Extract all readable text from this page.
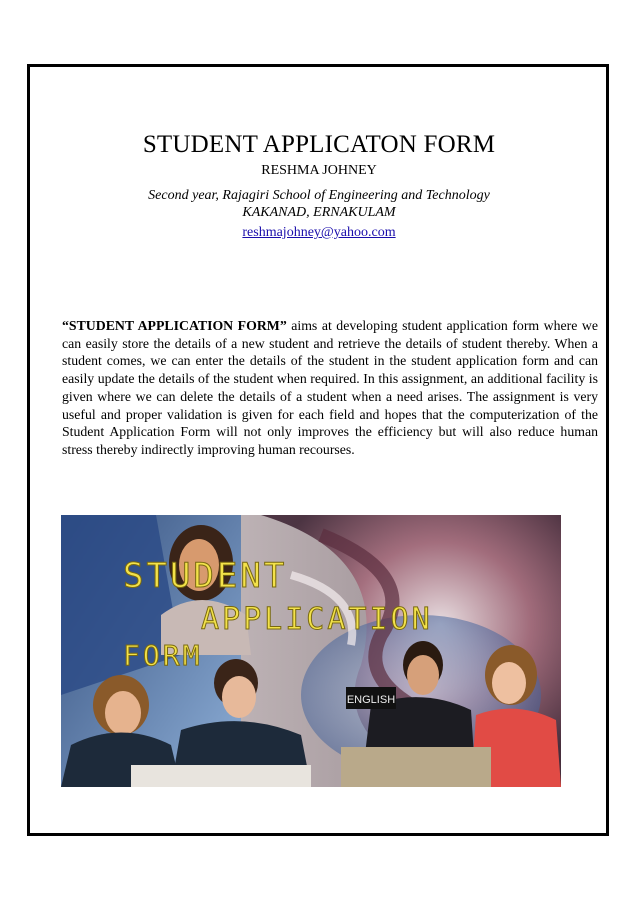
STUDENT APPLICATON FORM
RESHMA JOHNEY
Second year, Rajagiri School of Engineering and Technology
KAKANAD, ERNAKULAM
reshmajohney@yahoo.com
“STUDENT APPLICATION FORM” aims at developing student application form where we can easily store the details of a new student and retrieve the details of student thereby. When a student comes, we can enter the details of the student in the student application form and can easily update the details of the student when required. In this assignment, an additional facility is given where we can delete the details of a student when a need arises. The assignment is very useful and proper validation is given for each field and hopes that the computerization of the Student Application Form will not only improves the efficiency but will also reduce human stress thereby indirectly improving human recourses.
ENGLISH
STUDENT
APPLICATION
FORM
